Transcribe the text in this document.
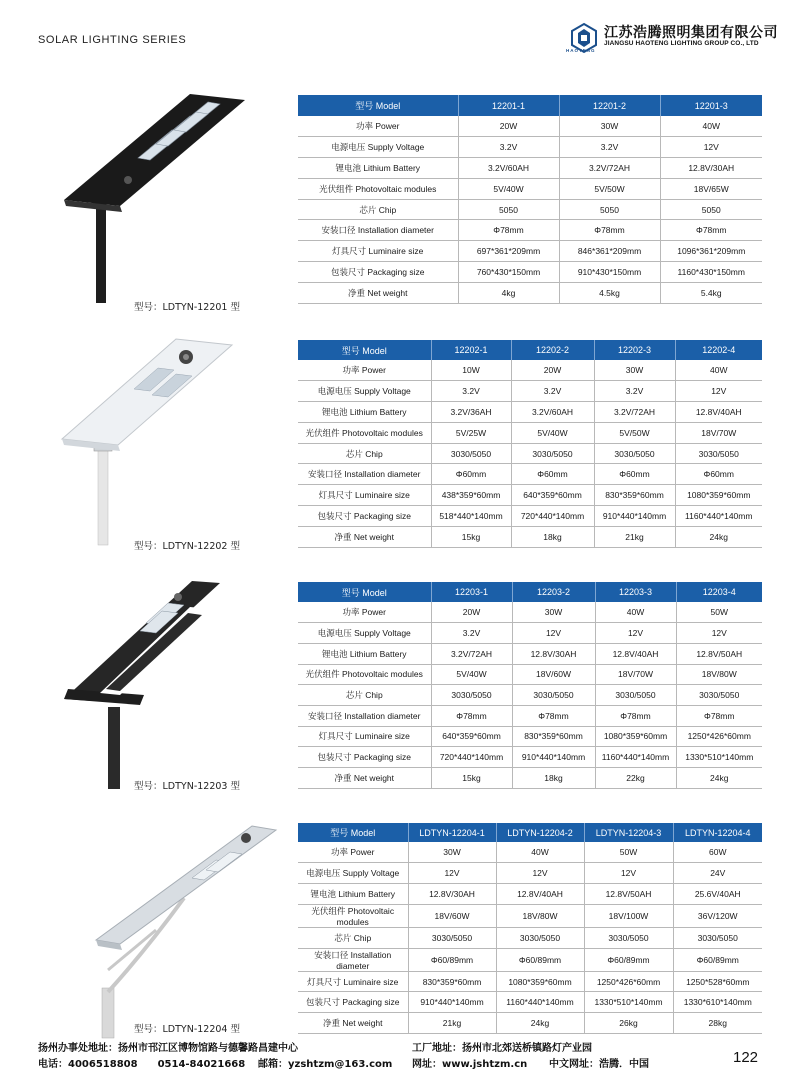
SOLAR LIGHTING SERIES
HAOTENG
江苏浩腾照明集团有限公司
JIANGSU HAOTENG LIGHTING GROUP CO., LTD
型号：LDTYN-12201 型
型号：LDTYN-12202 型
型号：LDTYN-12203 型
型号：LDTYN-12204 型
型号 Model	12201-1	12201-2	12201-3
功率 Power	20W	30W	40W
电源电压 Supply Voltage	3.2V	3.2V	12V
锂电池 Lithium Battery	3.2V/60AH	3.2V/72AH	12.8V/30AH
光伏组件 Photovoltaic modules	5V/40W	5V/50W	18V/65W
芯片 Chip	5050	5050	5050
安装口径 Installation diameter	Φ78mm	Φ78mm	Φ78mm
灯具尺寸 Luminaire size	697*361*209mm	846*361*209mm	1096*361*209mm
包装尺寸 Packaging size	760*430*150mm	910*430*150mm	1160*430*150mm
净重 Net weight	4kg	4.5kg	5.4kg
型号 Model	12202-1	12202-2	12202-3	12202-4
功率 Power	10W	20W	30W	40W
电源电压 Supply Voltage	3.2V	3.2V	3.2V	12V
锂电池 Lithium Battery	3.2V/36AH	3.2V/60AH	3.2V/72AH	12.8V/40AH
光伏组件 Photovoltaic modules	5V/25W	5V/40W	5V/50W	18V/70W
芯片 Chip	3030/5050	3030/5050	3030/5050	3030/5050
安装口径 Installation diameter	Φ60mm	Φ60mm	Φ60mm	Φ60mm
灯具尺寸 Luminaire size	438*359*60mm	640*359*60mm	830*359*60mm	1080*359*60mm
包装尺寸 Packaging size	518*440*140mm	720*440*140mm	910*440*140mm	1160*440*140mm
净重 Net weight	15kg	18kg	21kg	24kg
型号 Model	12203-1	12203-2	12203-3	12203-4
功率 Power	20W	30W	40W	50W
电源电压 Supply Voltage	3.2V	12V	12V	12V
锂电池 Lithium Battery	3.2V/72AH	12.8V/30AH	12.8V/40AH	12.8V/50AH
光伏组件 Photovoltaic modules	5V/40W	18V/60W	18V/70W	18V/80W
芯片 Chip	3030/5050	3030/5050	3030/5050	3030/5050
安装口径 Installation diameter	Φ78mm	Φ78mm	Φ78mm	Φ78mm
灯具尺寸 Luminaire size	640*359*60mm	830*359*60mm	1080*359*60mm	1250*426*60mm
包装尺寸 Packaging size	720*440*140mm	910*440*140mm	1160*440*140mm	1330*510*140mm
净重 Net weight	15kg	18kg	22kg	24kg
型号 Model	LDTYN-12204-1	LDTYN-12204-2	LDTYN-12204-3	LDTYN-12204-4
功率 Power	30W	40W	50W	60W
电源电压 Supply Voltage	12V	12V	12V	24V
锂电池 Lithium Battery	12.8V/30AH	12.8V/40AH	12.8V/50AH	25.6V/40AH
光伏组件 Photovoltaic modules	18V/60W	18V/80W	18V/100W	36V/120W
芯片 Chip	3030/5050	3030/5050	3030/5050	3030/5050
安装口径 Installation diameter	Φ60/89mm	Φ60/89mm	Φ60/89mm	Φ60/89mm
灯具尺寸 Luminaire size	830*359*60mm	1080*359*60mm	1250*426*60mm	1250*528*60mm
包装尺寸 Packaging size	910*440*140mm	1160*440*140mm	1330*510*140mm	1330*610*140mm
净重 Net weight	21kg	24kg	26kg	28kg
扬州办事处地址：扬州市邗江区博物馆路与德馨路昌建中心
电话：4006518808　　0514-84021668 邮箱：yzshtzm@163.com
工厂地址：扬州市北郊送桥镇路灯产业园
网址：www.jshtzm.cn 中文网址：浩腾．中国	122
